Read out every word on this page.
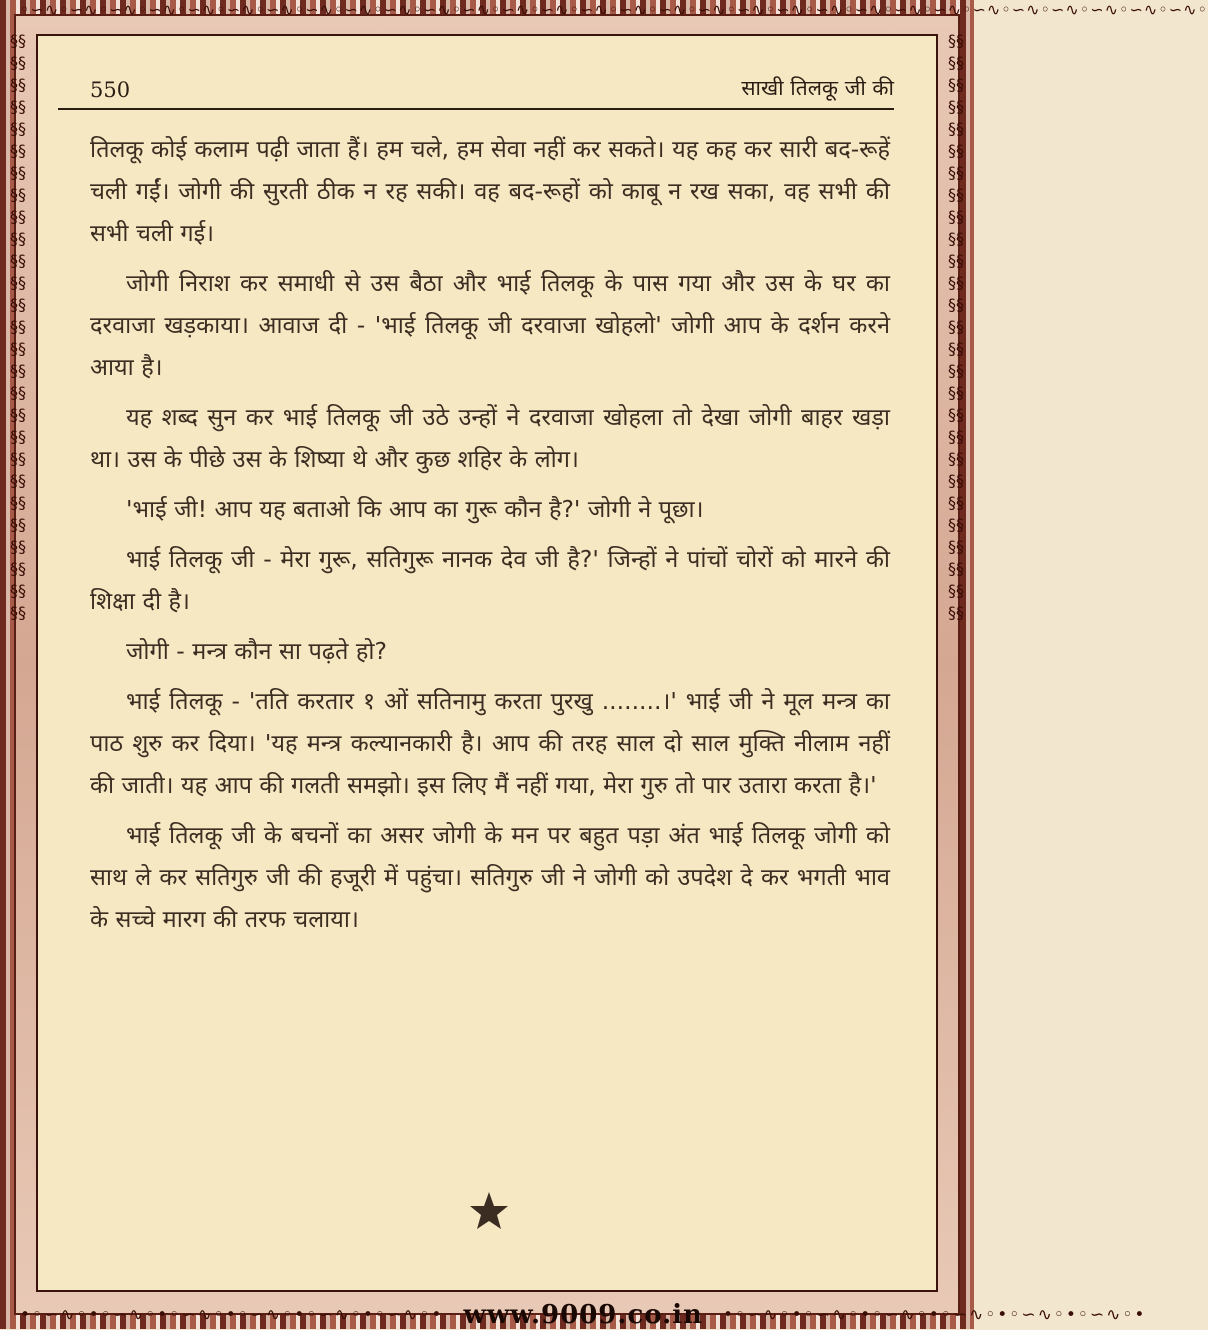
◦∽∿◦∽∿◦∽∿◦∽∿◦∽∿◦∽∿◦∽∿◦∽∿◦∽∿◦∽∿◦∽∿◦∽∿◦∽∿◦∽∿◦∽∿◦∽∿◦∽∿◦∽∿◦∽∿◦∽∿◦∽∿◦∽∿◦∽∿◦∽∿◦∽∿◦∽∿◦∽∿◦∽∿◦∽∿◦∽∿◦
§§§§§§§§§§§§§§§§§§§§§§§§§§§§§§§§§§§§§§§§§§§§§§§§§§§§§§
§§§§§§§§§§§§§§§§§§§§§§§§§§§§§§§§§§§§§§§§§§§§§§§§§§§§§§
•◦∽∿◦•◦∽∿◦•◦∽∿◦•◦∽∿◦•◦∽∿◦•◦∽∿◦• www.9009.co.in •◦∽∿◦•◦∽∿◦•◦∽∿◦•◦∽∿◦•◦∽∿◦•◦∽∿◦•
550	साखी तिलकू जी की

तिलकू कोई कलाम पढ़ी जाता हैं। हम चले, हम सेवा नहीं कर सकते। यह कह कर सारी बद-रूहें चली गईं। जोगी की सुरती ठीक न रह सकी। वह बद-रूहों को काबू न रख सका, वह सभी की सभी चली गई।

जोगी निराश कर समाधी से उस बैठा और भाई तिलकू के पास गया और उस के घर का दरवाजा खड़काया। आवाज दी - 'भाई तिलकू जी दरवाजा खोहलो' जोगी आप के दर्शन करने आया है।

यह शब्द सुन कर भाई तिलकू जी उठे उन्हों ने दरवाजा खोहला तो देखा जोगी बाहर खड़ा था। उस के पीछे उस के शिष्या थे और कुछ शहिर के लोग।

'भाई जी! आप यह बताओ कि आप का गुरू कौन है?' जोगी ने पूछा।

भाई तिलकू जी - मेरा गुरू, सतिगुरू नानक देव जी है?' जिन्हों ने पांचों चोरों को मारने की शिक्षा दी है।

जोगी - मन्त्र कौन सा पढ़ते हो?

भाई तिलकू - 'तति करतार १ ओं सतिनामु करता पुरखु ........।' भाई जी ने मूल मन्त्र का पाठ शुरु कर दिया। 'यह मन्त्र कल्यानकारी है। आप की तरह साल दो साल मुक्ति नीलाम नहीं की जाती। यह आप की गलती समझो। इस लिए मैं नहीं गया, मेरा गुरु तो पार उतारा करता है।'

भाई तिलकू जी के बचनों का असर जोगी के मन पर बहुत पड़ा अंत भाई तिलकू जोगी को साथ ले कर सतिगुरु जी की हजूरी में पहुंचा। सतिगुरु जी ने जोगी को उपदेश दे कर भगती भाव के सच्चे मारग की तरफ चलाया।
